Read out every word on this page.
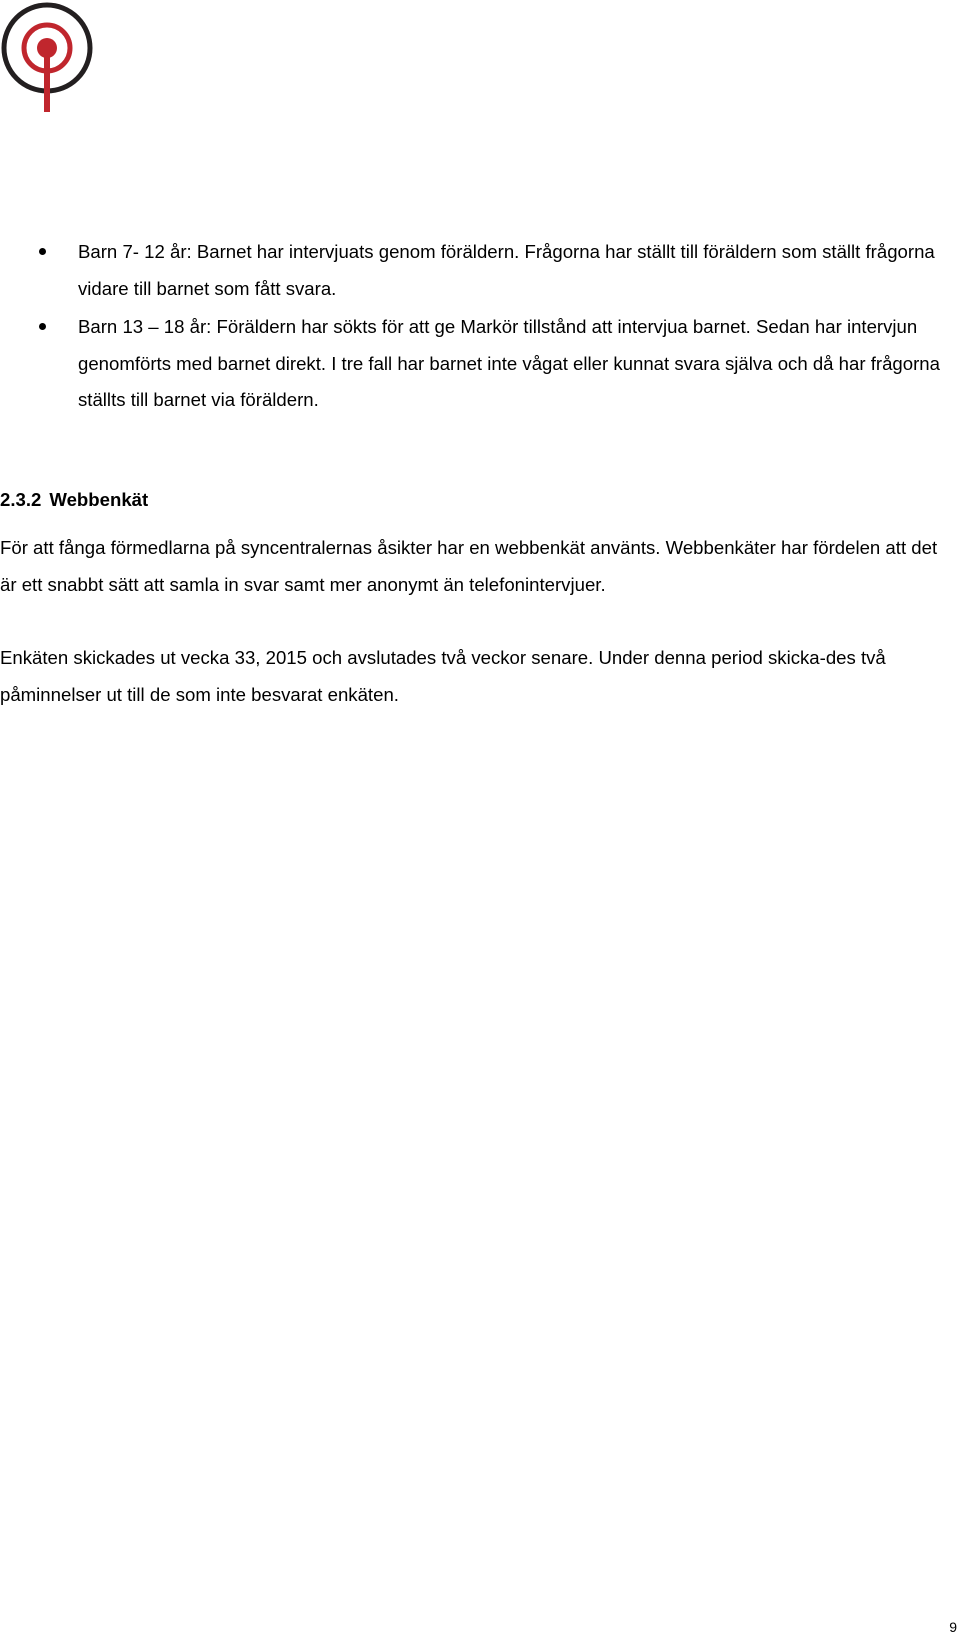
Barn 7- 12 år: Barnet har intervjuats genom föräldern. Frågorna har ställt till föräldern som ställt frågorna vidare till barnet som fått svara.
Barn 13 – 18 år: Föräldern har sökts för att ge Markör tillstånd att intervjua barnet. Sedan har intervjun genomförts med barnet direkt. I tre fall har barnet inte vågat eller kunnat svara själva och då har frågorna ställts till barnet via föräldern.
2.3.2 Webbenkät

För att fånga förmedlarna på syncentralernas åsikter har en webbenkät använts. Webbenkäter har fördelen att det är ett snabbt sätt att samla in svar samt mer anonymt än telefonintervjuer.

Enkäten skickades ut vecka 33, 2015 och avslutades två veckor senare. Under denna period skicka-des två påminnelser ut till de som inte besvarat enkäten.

9
